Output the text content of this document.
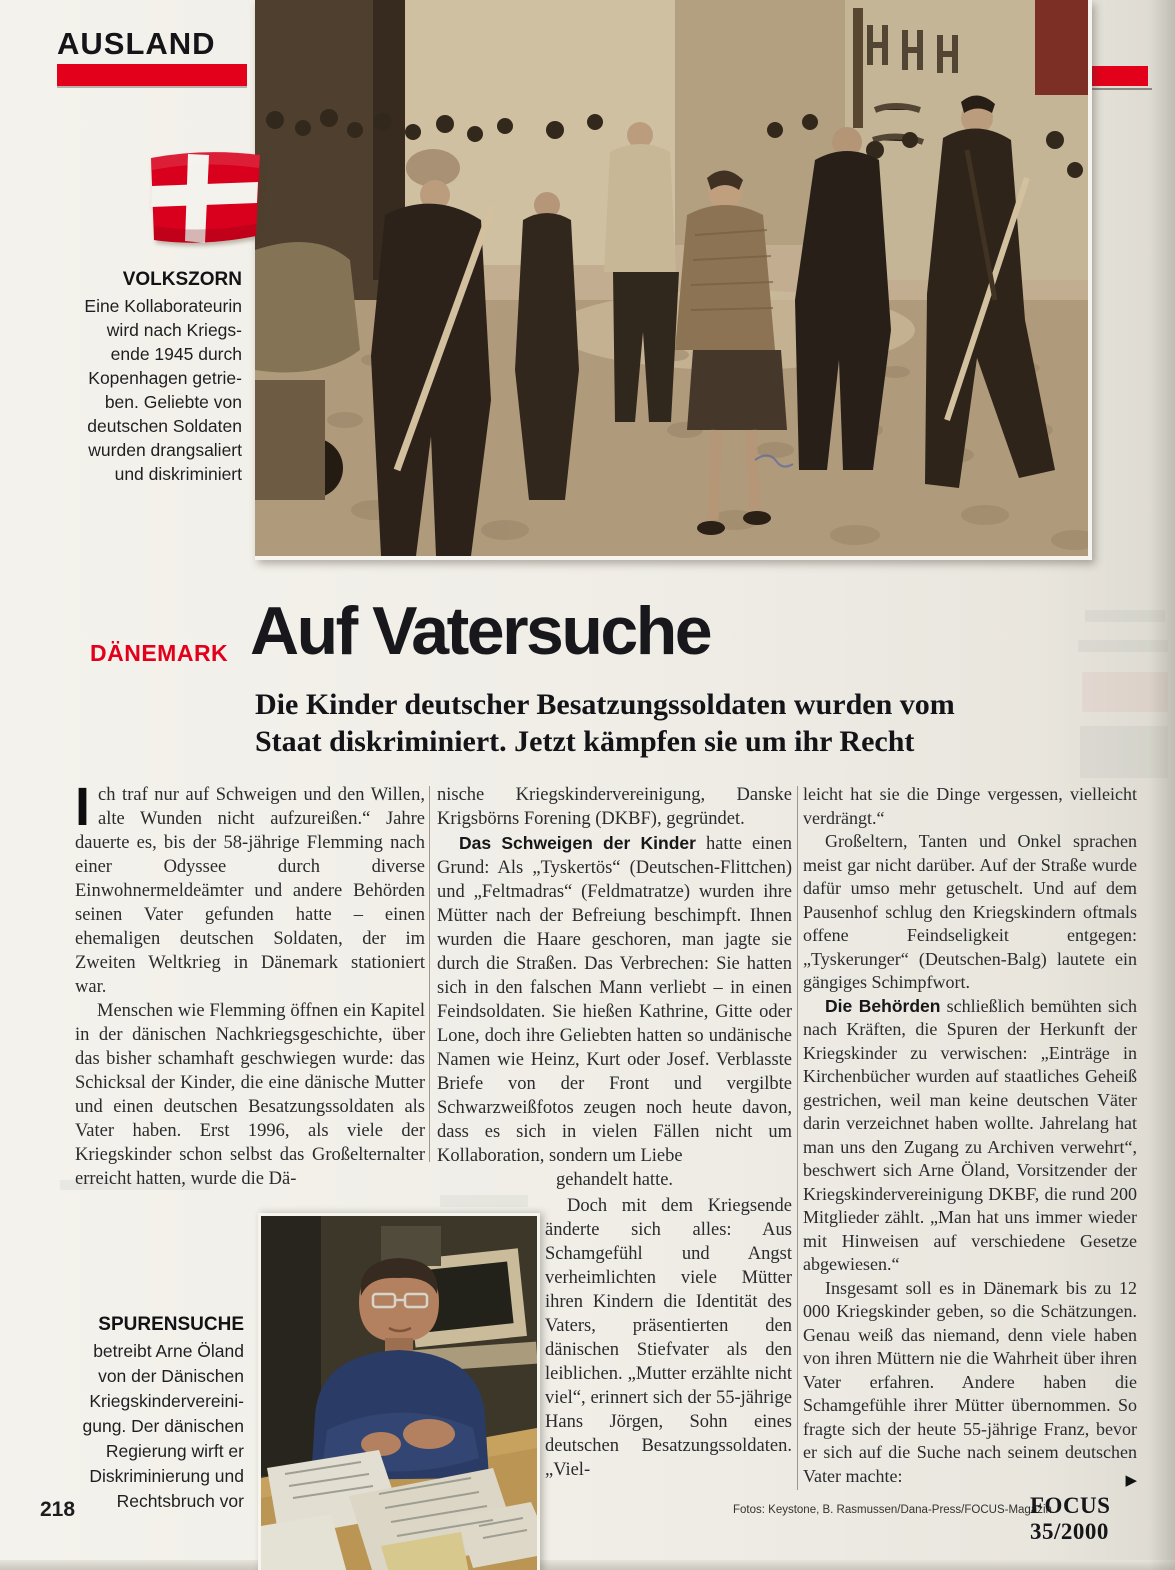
AUSLAND
VOLKSZORN
Eine Kollaborateurin
wird nach Kriegs-
ende 1945 durch
Kopenhagen getrie-
ben. Geliebte von
deutschen Soldaten
wurden drangsaliert
und diskriminiert
DÄNEMARK Auf Vatersuche
Die Kinder deutscher Besatzungssoldaten wurden vom
Staat diskriminiert. Jetzt kämpfen sie um ihr Recht

Ich traf nur auf Schweigen und den Willen, alte Wunden nicht aufzureißen.“ Jahre dauerte es, bis der 58-jährige Flemming nach einer Odyssee durch diverse Einwohnermeldeämter und andere Behörden seinen Vater gefunden hatte – einen ehemaligen deutschen Soldaten, der im Zweiten Weltkrieg in Dänemark stationiert war.

Menschen wie Flemming öffnen ein Kapitel in der dänischen Nachkriegsgeschichte, über das bisher schamhaft geschwiegen wurde: das Schicksal der Kinder, die eine dänische Mutter und einen deutschen Besatzungssoldaten als Vater haben. Erst 1996, als viele der Kriegskinder schon selbst das Großelternalter erreicht hatten, wurde die Dä-

nische Kriegskindervereinigung, Danske Krigsbörns Forening (DKBF), gegründet.

Das Schweigen der Kinder hatte einen Grund: Als „Tyskertös“ (Deutschen-Flittchen) und „Feltmadras“ (Feldmatratze) wurden ihre Mütter nach der Befreiung beschimpft. Ihnen wurden die Haare geschoren, man jagte sie durch die Straßen. Das Verbrechen: Sie hatten sich in den falschen Mann verliebt – in einen Feindsoldaten. Sie hießen Kathrine, Gitte oder Lone, doch ihre Geliebten hatten so undänische Namen wie Heinz, Kurt oder Josef. Verblasste Briefe von der Front und vergilbte Schwarzweißfotos zeugen noch heute davon, dass es sich in vielen Fällen nicht um Kollaboration, sondern um Liebe

gehandelt hatte.

Doch mit dem Kriegsende änderte sich alles: Aus Schamgefühl und Angst verheimlichten viele Mütter ihren Kindern die Identität des Vaters, präsentierten den dänischen Stiefvater als den leiblichen. „Mutter erzählte nicht viel“, erinnert sich der 55-jährige Hans Jörgen, Sohn eines deutschen Besatzungssoldaten. „Viel-

leicht hat sie die Dinge vergessen, vielleicht verdrängt.“

Großeltern, Tanten und Onkel sprachen meist gar nicht darüber. Auf der Straße wurde dafür umso mehr getuschelt. Und auf dem Pausenhof schlug den Kriegskindern oftmals offene Feindseligkeit entgegen: „Tyskerunger“ (Deutschen-Balg) lautete ein gängiges Schimpfwort.

Die Behörden schließlich bemühten sich nach Kräften, die Spuren der Herkunft der Kriegskinder zu verwischen: „Einträge in Kirchenbücher wurden auf staatliches Geheiß gestrichen, weil man keine deutschen Väter darin verzeichnet haben wollte. Jahrelang hat man uns den Zugang zu Archiven verwehrt“, beschwert sich Arne Öland, Vorsitzender der Kriegskindervereinigung DKBF, die rund 200 Mitglieder zählt. „Man hat uns immer wieder mit Hinweisen auf verschiedene Gesetze abgewiesen.“

Insgesamt soll es in Dänemark bis zu 12 000 Kriegskinder geben, so die Schätzungen. Genau weiß das niemand, denn viele haben von ihren Müttern nie die Wahrheit über ihren Vater erfahren. Andere haben die Schamgefühle ihrer Mütter übernommen. So fragte sich der heute 55-jährige Franz, bevor er sich auf die Suche nach seinem deutschen Vater machte:	▶

SPURENSUCHE
betreibt Arne Öland
von der Dänischen
Kriegskindervereini-
gung. Der dänischen
Regierung wirft er
Diskriminierung und
Rechtsbruch vor
218	Fotos: Keystone, B. Rasmussen/Dana-Press/FOCUS-Magazin
FOCUS 35/2000
